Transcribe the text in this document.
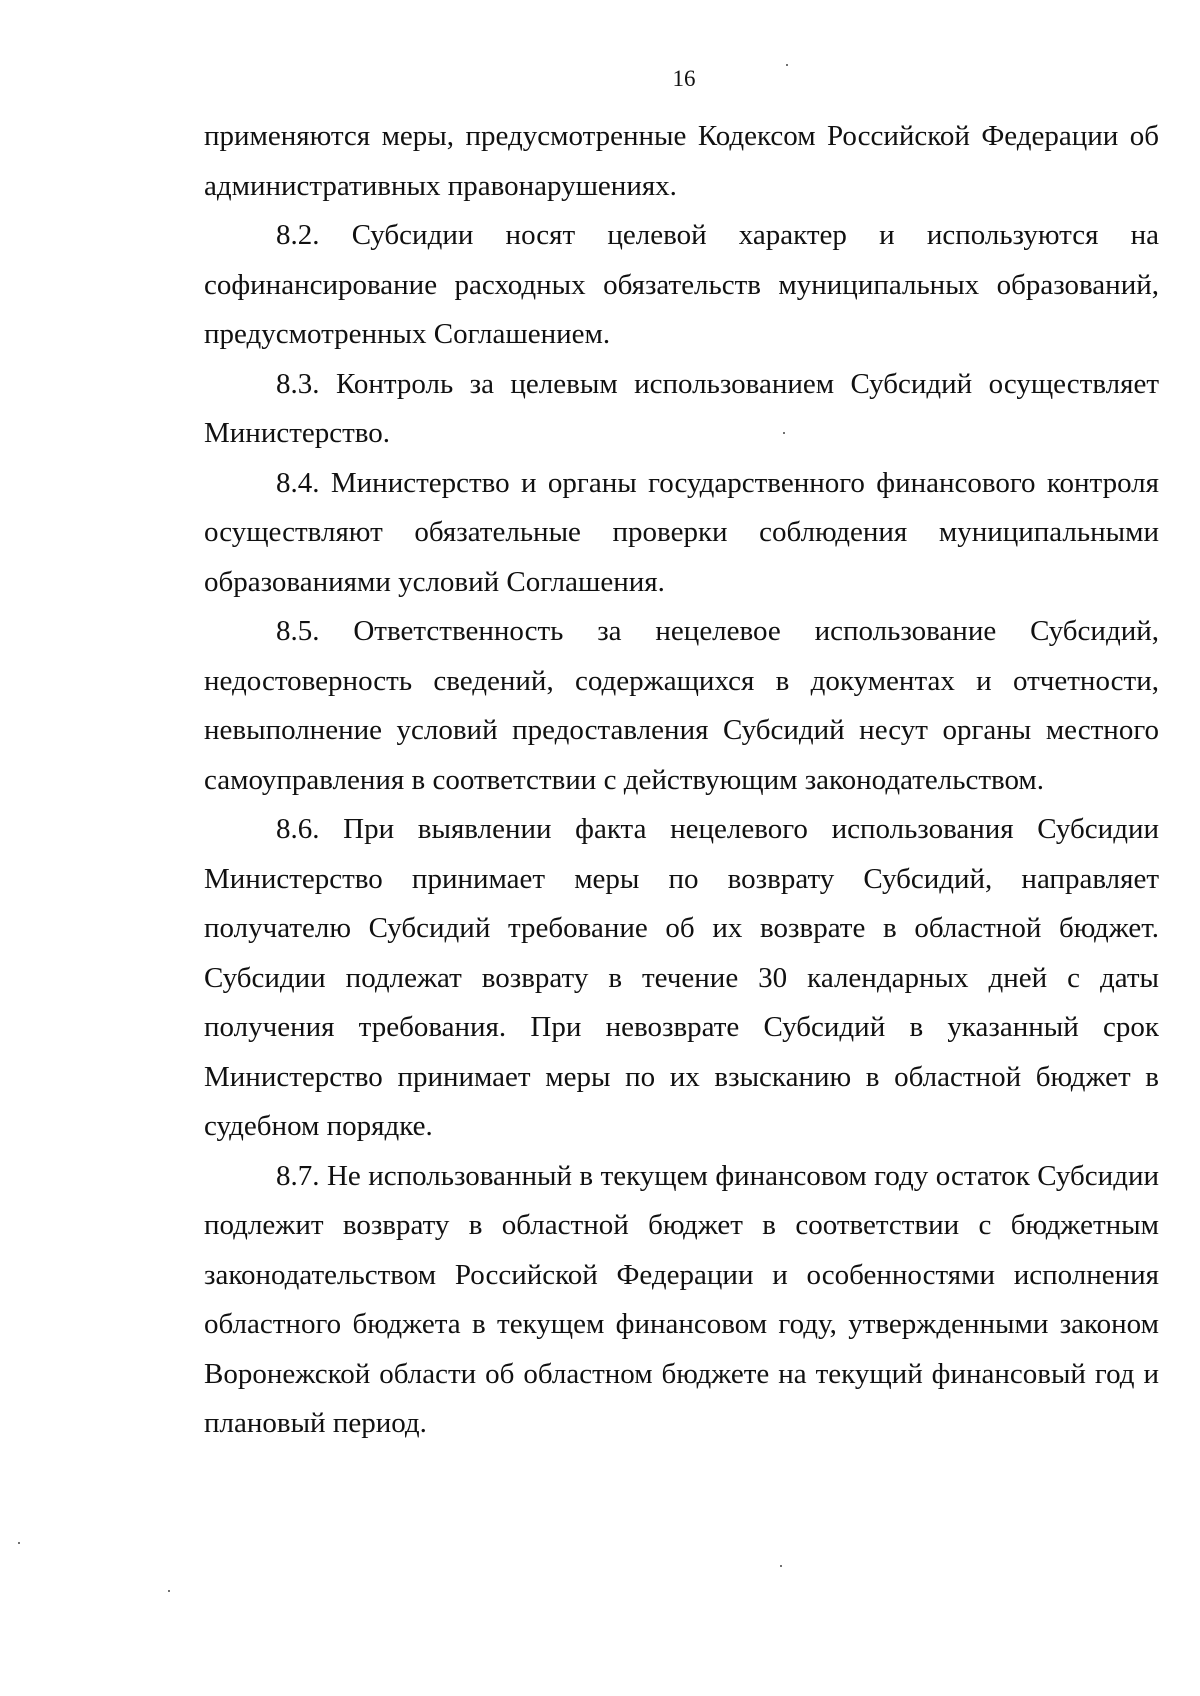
16

применяются меры, предусмотренные Кодексом Российской Федерации об административных правонарушениях.

8.2. Субсидии носят целевой характер и используются на софинансирование расходных обязательств муниципальных образований, предусмотренных Соглашением.

8.3. Контроль за целевым использованием Субсидий осуществляет Министерство.

8.4. Министерство и органы государственного финансового контроля осуществляют обязательные проверки соблюдения муниципальными образованиями условий Соглашения.

8.5. Ответственность за нецелевое использование Субсидий, недостоверность сведений, содержащихся в документах и отчетности, невыполнение условий предоставления Субсидий несут органы местного самоуправления в соответствии с действующим законодательством.

8.6. При выявлении факта нецелевого использования Субсидии Министерство принимает меры по возврату Субсидий, направляет получателю Субсидий требование об их возврате в областной бюджет. Субсидии подлежат возврату в течение 30 календарных дней с даты получения требования. При невозврате Субсидий в указанный срок Министерство принимает меры по их взысканию в областной бюджет в судебном порядке.

8.7. Не использованный в текущем финансовом году остаток Субсидии подлежит возврату в областной бюджет в соответствии с бюджетным законодательством Российской Федерации и особенностями исполнения областного бюджета в текущем финансовом году, утвержденными законом Воронежской области об областном бюджете на текущий финансовый год и плановый период.
